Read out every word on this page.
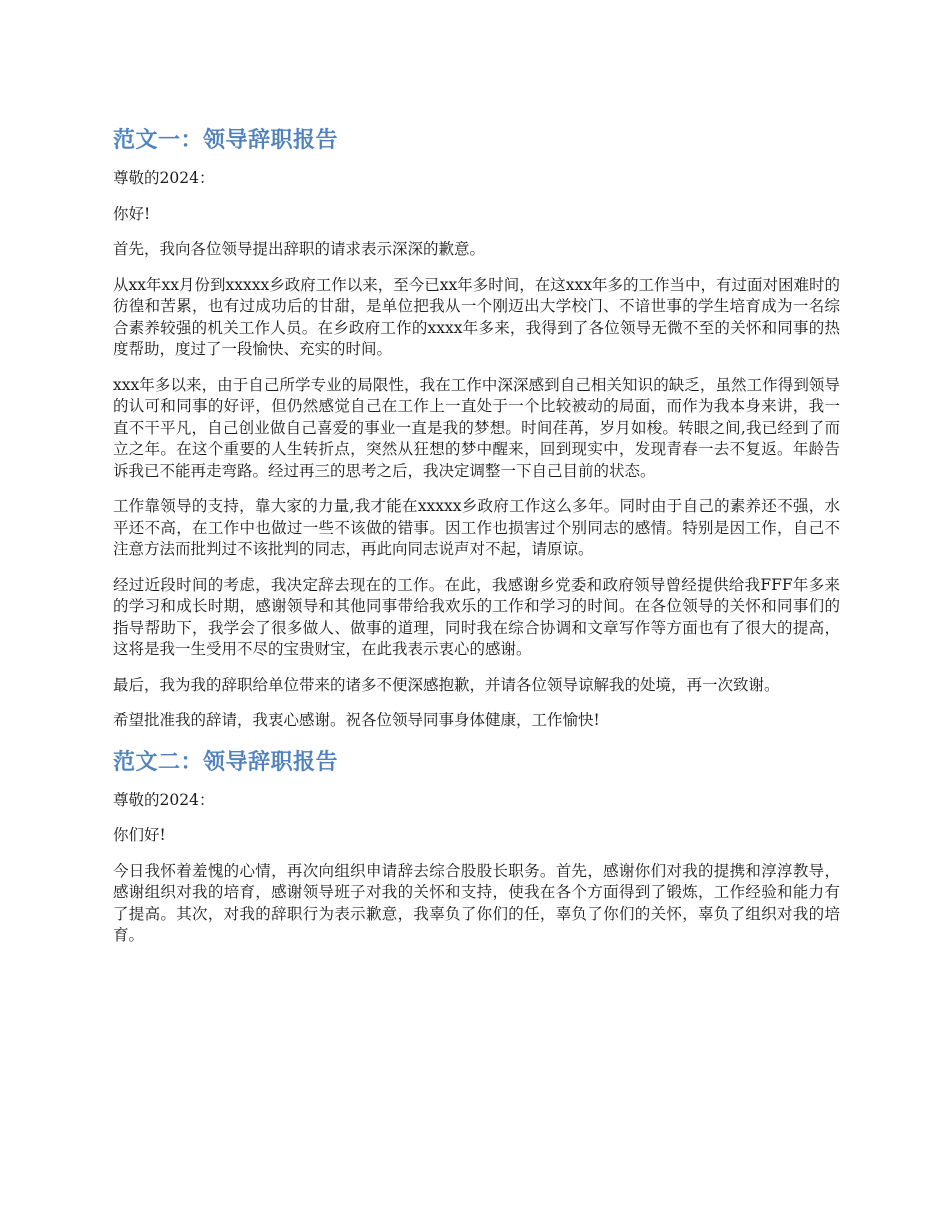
范文一：领导辞职报告

尊敬的2024：

你好!

首先，我向各位领导提出辞职的请求表示深深的歉意。

从xx年xx月份到xxxxx乡政府工作以来，至今已xx年多时间，在这xxx年多的工作当中，有过面对困难时的彷徨和苦累，也有过成功后的甘甜，是单位把我从一个刚迈出大学校门、不谙世事的学生培育成为一名综合素养较强的机关工作人员。在乡政府工作的xxxx年多来，我得到了各位领导无微不至的关怀和同事的热度帮助，度过了一段愉快、充实的时间。

xxx年多以来，由于自己所学专业的局限性，我在工作中深深感到自己相关知识的缺乏，虽然工作得到领导的认可和同事的好评，但仍然感觉自己在工作上一直处于一个比较被动的局面，而作为我本身来讲，我一直不干平凡，自己创业做自己喜爱的事业一直是我的梦想。时间荏苒，岁月如梭。转眼之间,我已经到了而立之年。在这个重要的人生转折点，突然从狂想的梦中醒来，回到现实中，发现青春一去不复返。年龄告诉我已不能再走弯路。经过再三的思考之后，我决定调整一下自己目前的状态。

工作靠领导的支持，靠大家的力量,我才能在xxxxx乡政府工作这么多年。同时由于自己的素养还不强，水平还不高，在工作中也做过一些不该做的错事。因工作也损害过个别同志的感情。特别是因工作，自己不注意方法而批判过不该批判的同志，再此向同志说声对不起，请原谅。

经过近段时间的考虑，我决定辞去现在的工作。在此，我感谢乡党委和政府领导曾经提供给我FFF年多来的学习和成长时期，感谢领导和其他同事带给我欢乐的工作和学习的时间。在各位领导的关怀和同事们的指导帮助下，我学会了很多做人、做事的道理，同时我在综合协调和文章写作等方面也有了很大的提高，这将是我一生受用不尽的宝贵财宝，在此我表示衷心的感谢。

最后，我为我的辞职给单位带来的诸多不便深感抱歉，并请各位领导谅解我的处境，再一次致谢。

希望批准我的辞请，我衷心感谢。祝各位领导同事身体健康，工作愉快!

范文二：领导辞职报告

尊敬的2024：

你们好!

今日我怀着羞愧的心情，再次向组织申请辞去综合股股长职务。首先，感谢你们对我的提携和淳淳教导，感谢组织对我的培育，感谢领导班子对我的关怀和支持，使我在各个方面得到了锻炼，工作经验和能力有了提高。其次，对我的辞职行为表示歉意，我辜负了你们的任，辜负了你们的关怀，辜负了组织对我的培育。
